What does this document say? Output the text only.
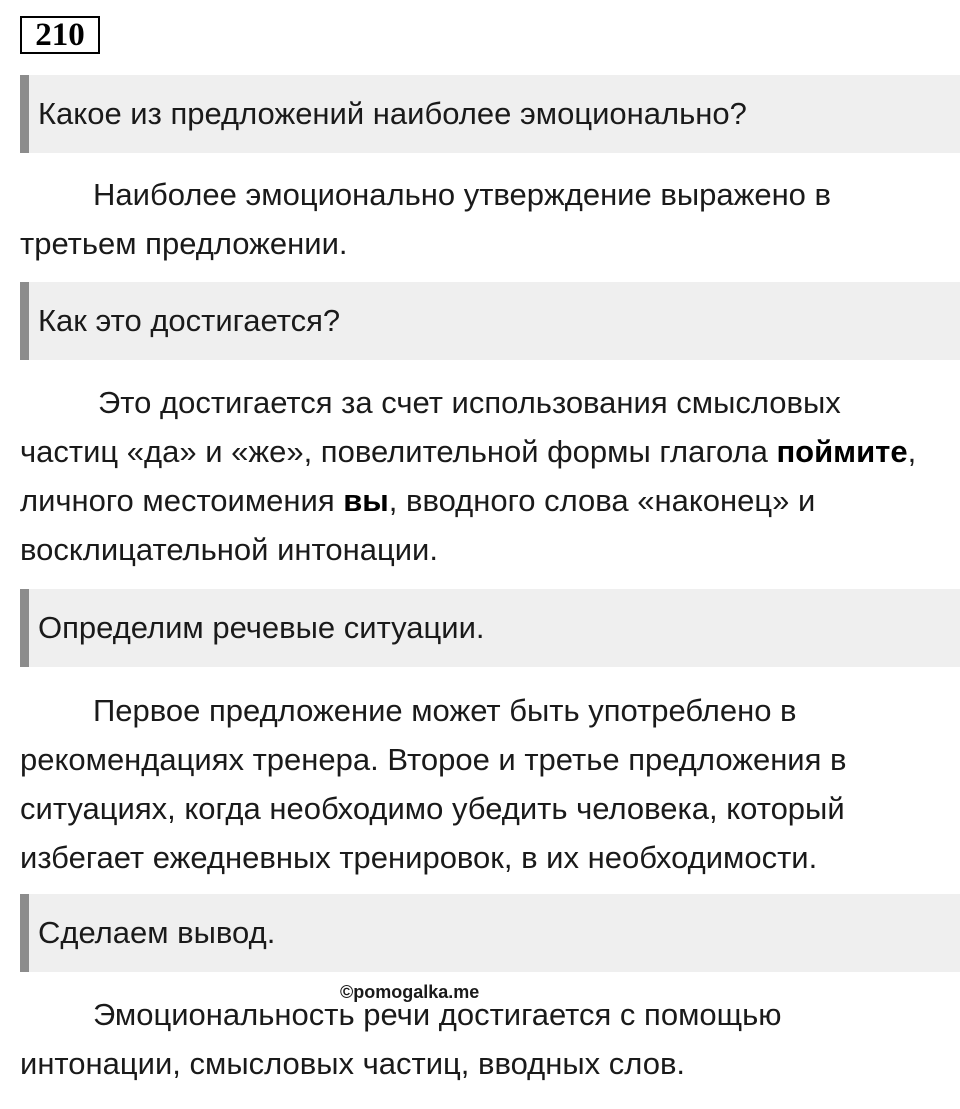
210
Какое из предложений наиболее эмоционально?

Наиболее эмоционально утверждение выражено в третьем предложении.

Как это достигается?

Это достигается за счет использования смысловых частиц «да» и «же», повелительной формы глагола поймите, личного местоимения вы, вводного слова «наконец» и восклицательной интонации.

Определим речевые ситуации.

Первое предложение может быть употреблено в рекомендациях тренера. Второе и третье предложения в ситуациях, когда необходимо убедить человека, который избегает ежедневных тренировок, в их необходимости.

Сделаем вывод.
©pomogalka.me

Эмоциональность речи достигается с помощью интонации, смысловых частиц, вводных слов.
